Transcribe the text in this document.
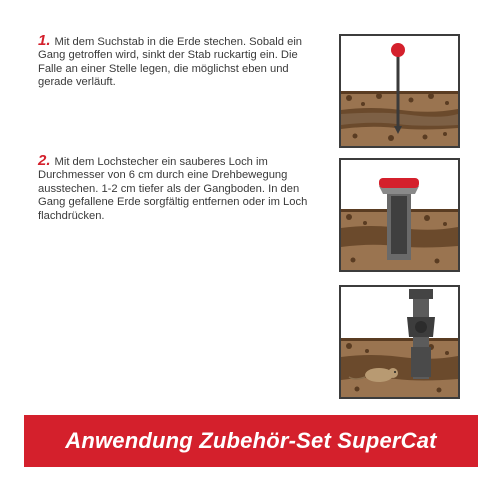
1. Mit dem Suchstab in die Erde stechen. Sobald ein Gang getroffen wird, sinkt der Stab ruckartig ein. Die Falle an einer Stelle legen, die möglichst eben und gerade verläuft.
2. Mit dem Lochstecher ein sauberes Loch im Durchmesser von 6 cm durch eine Drehbewegung ausstechen. 1-2 cm tiefer als der Gangboden. In den Gang gefallene Erde sorgfältig entfernen oder im Loch flachdrücken.
Anwendung Zubehör-Set SuperCat
